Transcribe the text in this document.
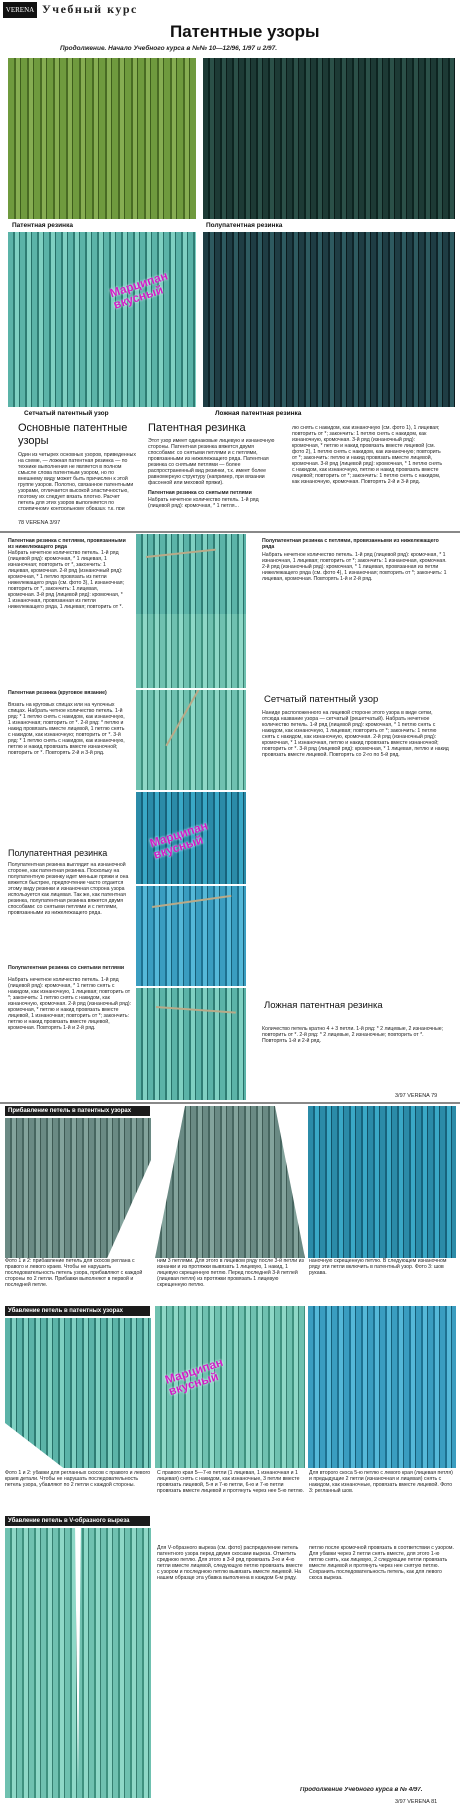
VERENA Учебный курс
Патентные узоры
Продолжение. Начало Учебного курса в №№ 10—12/96, 1/97 и 2/97.
Патентная резинка	Полупатентная резинка
Марципан вкусный
Сетчатый патентный узор	Ложная патентная резинка
Основные патентные узоры
Один из четырех основных узоров, приведенных на схеме, — ложная патентная резинка — по технике выполнения не является в полном смысле слова патентным узором, но по внешнему виду может быть причислен к этой группе узоров. Полотно, связанное патентными узорами, отличается высокой эластичностью, поэтому их следует вязать плотно. Расчет петель для этих узоров выполняется по стрипичному контрольному образцу, т.к. при
Патентная резинка
Этот узор имеет одинаковые лицевую и изнаночную стороны. Патентная резинка вяжется двумя способами: со снятыми петлями и с петлями, провязанными из нижележащего ряда. Патентная резинка со снятыми петлями — более распространенный вид резинки, т.к. имеет более равномерную структуру (например, при вязании фасонной или меховой пряжи).
Патентная резинка со снятыми петлями
Набрать нечетное количество петель. 1-й ряд (лицевой ряд): кромочная, * 1 петля...
лю снять с накидом, как изнаночную (см. фото 1), 1 лицевая; повторить от *; закончить: 1 петлю снять с накидом, как изнаночную, кромочная. 3-й ряд (изнаночный ряд): кромочная, * петлю и накид провязать вместе лицевой (см. фото 2), 1 петлю снять с накидом, как изнаночную; повторить от *; закончить: петлю и накид провязать вместе лицевой, кромочная. 3-й ряд (лицевой ряд): кромочная, * 1 петлю снять с накидом, как изнаночную, петлю и накид провязать вместе лицевой; повторить от *; закончить: 1 петлю снять с накидом, как изнаночную, кромочная. Повторять 2-й и 3-й ряд.
78 VERENA 3/97
Патентная резинка с петлями, провязанными из нижележащего ряда
Набрать нечетное количество петель. 1-й ряд (лицевой ряд): кромочная, * 1 лицевая, 1 изнаночная; повторить от *, закончить: 1 лицевая, кромочная. 2-й ряд (изнаночный ряд): кромочная, * 1 петлю провязать из петли нижележащего ряда (см. фото 3), 1 изнаночная; повторить от *, закончить: 1 лицевая, кромочная. 3-й ряд (лицевой ряд): кромочная, * 1 изнаночная, провязанная из петли нижележащего ряда, 1 лицевая; повторить от *.
Полупатентная резинка с петлями, провязанными из нижележащего ряда
Набрать нечетное количество петель. 1-й ряд (лицевой ряд): кромочная, * 1 изнаночная, 1 лицевая; повторить от *; закончить: 1 изнаночная, кромочная. 2-й ряд (изнаночный ряд): кромочная, * 1 лицевая, провязанная из петли нижележащего ряда (см. фото 4), 1 изнаночная; повторить от *; закончить: 1 лицевая, кромочная. Повторять 1-й и 2-й ряд.
Патентная резинка (круговое вязание)
Вязать на круговых спицах или на чулочных спицах. Набрать четное количество петель. 1-й ряд: * 1 петлю снять с накидом, как изнаночную, 1 изнаночная; повторить от *. 2-й ряд: * петлю и накид провязать вместе лицевой, 1 петлю снять с накидом, как изнаночную; повторить от *. 3-й ряд: * 1 петлю снять с накидом, как изнаночную, петлю и накид провязать вместе изнаночной; повторить от *. Повторять 2-й и 3-й ряд.
Сетчатый патентный узор
Наниде расположенного на лицевой стороне этого узора в виде сетки, отсюда название узора — сетчатый (решетчатый). Набрать нечетное количество петель. 1-й ряд (лицевой ряд): кромочная, * 1 петлю снять с накидом, как изнаночную, 1 лицевая; повторить от *; закончить: 1 петлю снять с накидом, как изнаночную, кромочная. 2-й ряд (изнаночный ряд): кромочная, * 1 изнаночная, петлю и накид провязать вместе изнаночной; повторить от *. 3-й ряд (лицевой ряд): кромочная, * 1 лицевая, петлю и накид провязать вместе лицевой. Повторять со 2-го по 5-й ряд.
Марципан вкусный
Полупатентная резинка
Полупатентная резинка выглядит на изнаночной стороне, как патентная резинка. Поскольку на полупатентную резинку идет меньше пряжи и она вяжется быстрее, предпочтение часто отдается этому виду резинки и изнаночная сторона узора используется как лицевая. Так же, как патентная резинка, полупатентная резинка вяжется двумя способами: со снятыми петлями и с петлями, провязанными из нижележащего ряда.
Полупатентная резинка со снятыми петлями
Набрать нечетное количество петель. 1-й ряд (лицевой ряд): кромочная, * 1 петлю снять с накидом, как изнаночную, 1 лицевая; повторить от *; закончить: 1 петлю снять с накидом, как изнаночную, кромочная. 2-й ряд (изнаночный ряд): кромочная, * петлю и накид провязать вместе лицевой, 1 изнаночная; повторить от *; закончить: петлю и накид провязать вместе лицевой, кромочная. Повторять 1-й и 2-й ряд.
Ложная патентная резинка
Количество петель кратно 4 + 3 петли. 1-й ряд: * 2 лицевые, 2 изнаночные; повторить от *. 2-й ряд: * 2 лицевые, 2 изнаночные; повторить от *. Повторять 1-й и 2-й ряд.
3/97 VERENA 79
Прибавление петель в патентных узорах
Фото 1 и 2: прибавление петель для скосов реглана с правого и левого краев. Чтобы не нарушить последовательность петель узора, прибавляют с каждой стороны по 2 петли. Прибавки выполняют в первой и последней петле.
ним 3 петлями. Для этого в лицевом ряду после 3-й петли из изнанки и из протяжки вывязать 1 лицевую, 1 накид, 1 лицевую скрещенную петлю. Перед последней 3-й петлей (лицевая петля) из протяжки провязать 1 лицевую скрещенную петлю.
наночную скрещенную петлю. В следующем изнаночном ряду эти петли включить в патентный узор. Фото 3: шов рукава.
Убавление петель в патентных узорах
Марципан вкусный
Фото 1 и 2: убавки для регланных скосов с правого и левого краев детали. Чтобы не нарушать последовательность петель узора, убавляют по 2 петли с каждой стороны.
С правого края 5—7-ю петли (1 лицевая, 1 изнаночная и 1 лицевая) снять с накидом, как изнаночные, 3 петли вместе провязать лицевой, 5-я и 7-ю петли, 6-ю и 7-ю петли провязать вместе лицевой и протянуть через нее 5-ю петлю.
Для второго скоса 5-ю петлю с левого края (лицевая петля) и предыдущие 2 петли (изнаночная и лицевая) снять с накидом, как изнаночные, провязать вместе лицевой. Фото 3: регланный шов.
Убавление петель в V-образного выреза
Для V-образного выреза (см. фото) распределение петель патентного узора перед двумя скосами выреза. Отметить среднюю петлю. Для этого в 3-й ряд провязать 3-ю и 4-ю петли вместе лицевой, следующую петлю провязать вместе с узором и последнюю петлю вывязать вместе лицевой. На нашем образце эта убавка выполнена в каждом 6-м ряду.
петлю после кромочной провязать в соответствии с узором. Для убавки через 2 петли снять вместе, для этого 1-ю петлю снять, как лицевую, 2 следующие петли провязать вместе лицевой и протянуть через нее снятую петлю. Сохранить последовательность петель, как для левого скоса выреза.
Продолжение Учебного курса в № 4/97.
3/97 VERENA 81
